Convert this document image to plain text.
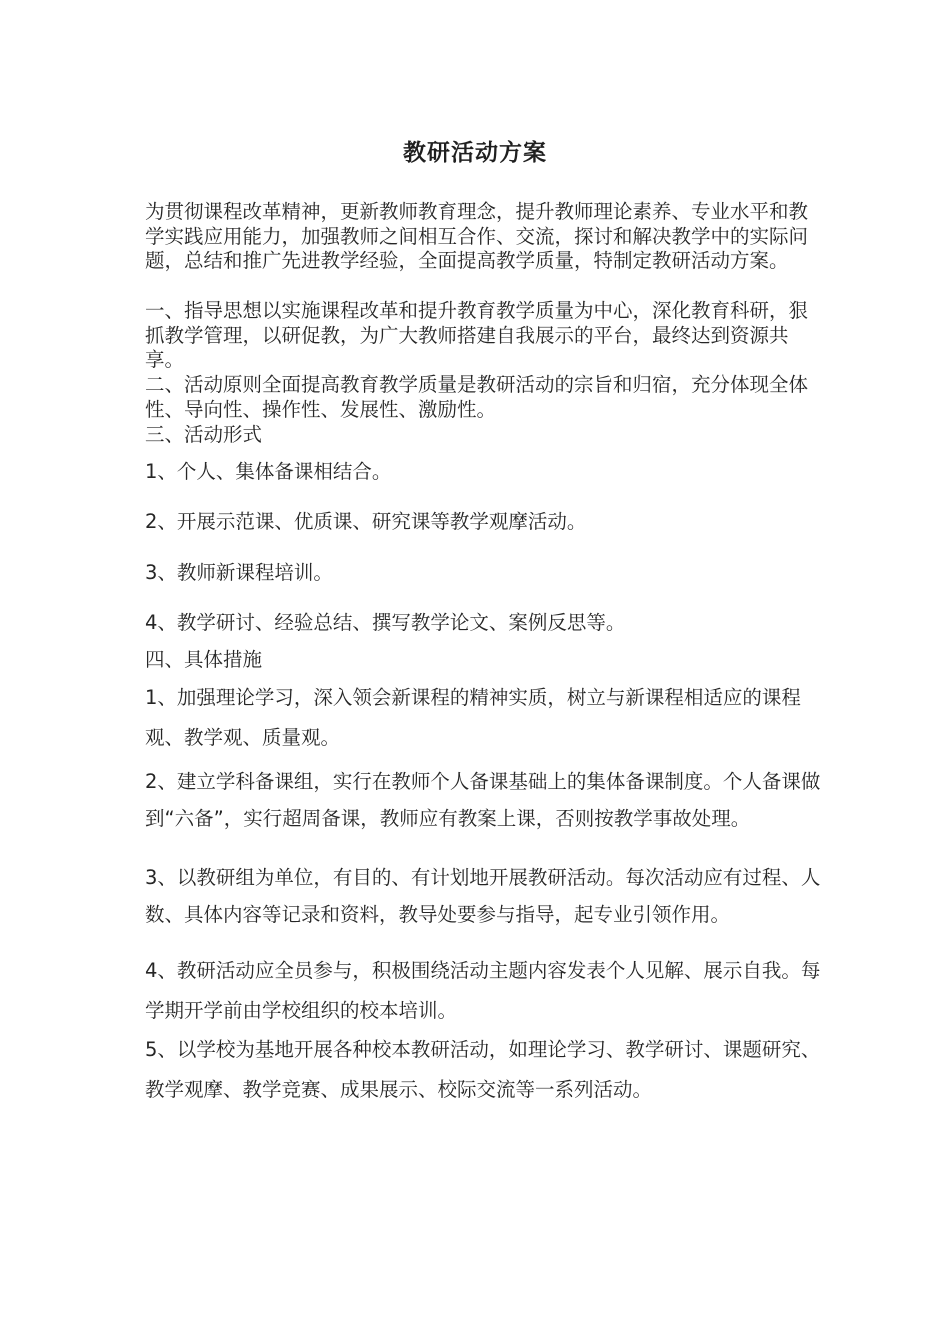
教研活动方案
为贯彻课程改革精神，更新教师教育理念，提升教师理论素养、专业水平和教学实践应用能力，加强教师之间相互合作、交流，探讨和解决教学中的实际问题，总结和推广先进教学经验，全面提高教学质量，特制定教研活动方案。
一、指导思想以实施课程改革和提升教育教学质量为中心，深化教育科研，狠抓教学管理，以研促教，为广大教师搭建自我展示的平台，最终达到资源共享。
二、活动原则全面提高教育教学质量是教研活动的宗旨和归宿，充分体现全体性、导向性、操作性、发展性、激励性。
三、活动形式
1、个人、集体备课相结合。
2、开展示范课、优质课、研究课等教学观摩活动。
3、教师新课程培训。
4、教学研讨、经验总结、撰写教学论文、案例反思等。
四、具体措施
1、加强理论学习，深入领会新课程的精神实质，树立与新课程相适应的课程观、教学观、质量观。
2、建立学科备课组，实行在教师个人备课基础上的集体备课制度。个人备课做到“六备”，实行超周备课，教师应有教案上课，否则按教学事故处理。
3、以教研组为单位，有目的、有计划地开展教研活动。每次活动应有过程、人数、具体内容等记录和资料，教导处要参与指导，起专业引领作用。
4、教研活动应全员参与，积极围绕活动主题内容发表个人见解、展示自我。每学期开学前由学校组织的校本培训。
5、以学校为基地开展各种校本教研活动，如理论学习、教学研讨、课题研究、教学观摩、教学竞赛、成果展示、校际交流等一系列活动。
